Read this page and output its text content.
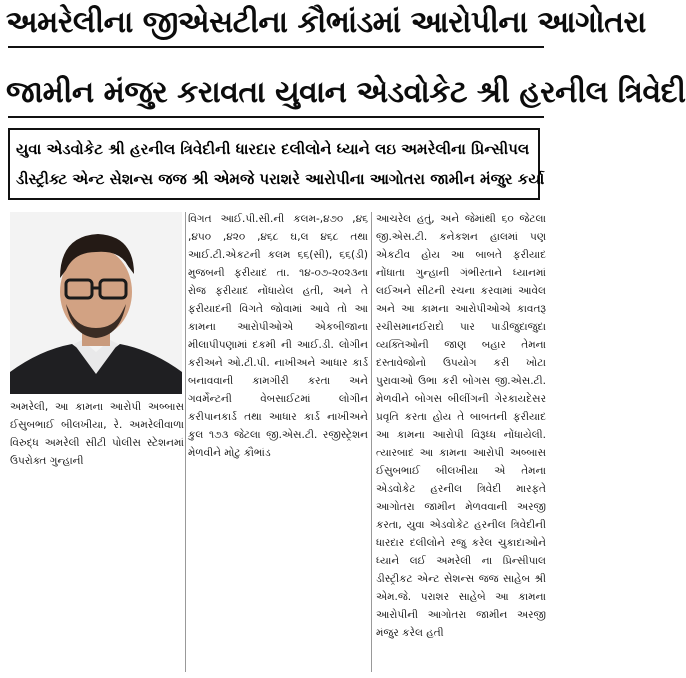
અમરેલીના જીએસટીના કૌભાંડમાં આરોપીના આગોતરા
જામીન મંજુર કરાવતા યુવાન એડવોકેટ શ્રી હરનીલ ત્રિવેદી
યુવા એડવોકેટ શ્રી હરનીલ ત્રિવેદીની ધારદાર દલીલોને ધ્યાને લઇ અમરેલીના પ્રિન્સીપલ
ડીસ્ટ્રીક્ટ એન્ટ સેશન્સ જજ શ્રી એમજે પરાશરે આરોપીના આગોતરા જામીન મંજુર કર્યા

અમરેલી, આ કામના આરોપી અબ્બાસ ઈસુબભાઈ બીલખીયા, રે. અમરેલીવાળા વિરુદ્ધ અમરેલી સીટી પોલીસ સ્ટેશનમાં ઉપરોક્ત ગુન્હાની

વિગત આઈ.પી.સી.ની કલમ-,૪૭૦ ,૪૬ ,૪૫૦ ,૪૨૦ ,૪૬૮ ઘ,લ ૪૬૮ તથા આઈ.ટી.એકટની કલમ ૬૬(સી), ૬૬(ડી) મુજબની ફરીયાદ તા. ૧૪-૦૭-૨૦૨૩ના રોજ ફરીયાદ નોંધાયેલ હતી, અને તે ફરીયાદની વિગતે જોવામાં આવે તો આ કામના આરોપીઓએ એકબીજાના મીલાપીપણામાં દકમી ની આઈ.ડી. લોગીન કરીઅને ઓ.ટી.પી. નાખીઅને આધાર કાર્ડ બનાવવાની કામગીરી કરતા અને ગવર્મેન્ટની વેબસાઈટમાં લોગીન કરીપાનકાર્ડ તથા આધાર કાર્ડ નાખીઅને કુલ ૧૭૩ જેટલા જી.એસ.ટી. રજીસ્ટ્રેશન મેળવીને મોટુ કૌભાંડ

આચરેલ હતું, અને જેમાંથી ૬૦ જેટલા જી.એસ.ટી. કનેકશન હાલમાં પણ એકટીવ હોય આ બાબતે ફરીયાદ નોંધાતા ગુન્હાની ગંભીરતાને ધ્યાનમાં લઈઅને સીટની રચના કરવામાં આવેલ અને આ કામના આરોપીઓએ કાવતરૂ રચીસમાનઈરાદો પાર પાડીજુદાજુદા વ્યક્તિઓની જાણ બહાર તેમના દસ્તાવેજોનો ઉપયોગ કરી ખોટા પુરાવાઓ ઉભા કરી બોગસ જી.એસ.ટી. મેળવીને બોગસ બીલીંગની ગેરકાયદેસર પ્રવૃતિ કરતા હોય તે બાબતની ફરીયાદ આ કામના આરોપી વિરૂધ્ધ નોંધાયેલી. ત્યારબાદ આ કામના આરોપી અબ્બાસ ઈસુબભાઈ બીલખીયા એ તેમના એડવોકેટ હરનીલ ત્રિવેદી મારફતે આગોતરા જામીન મેળવવાની અરજી કરતા, યુવા એડવોકેટ હરનીલ ત્રિવેદીની ધારદાર દલીલોને રજુ કરેલ ચુકાદાઓને ધ્યાને લઈ અમરેલી ના પ્રિન્સીપાલ ડીસ્ટ્રીકટ એન્ટ સેશન્સ જજ સાહેબ શ્રી એમ.જે. પરાશર સાહેબે આ કામના આરોપીની આગોતરા જામીન અરજી મંજુર કરેલ હતી
